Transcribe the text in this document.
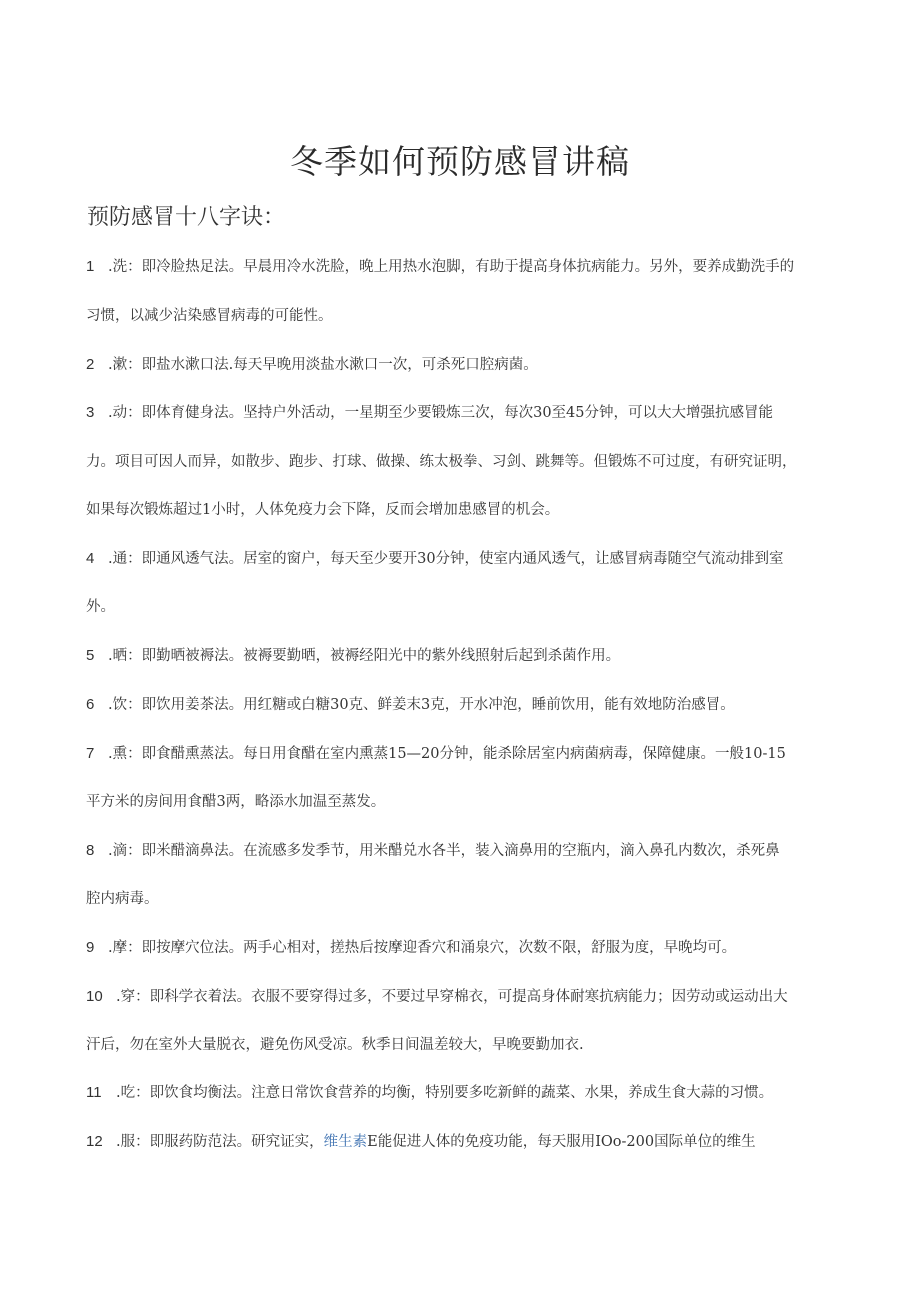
冬季如何预防感冒讲稿
预防感冒十八字诀：
1 .洗：即冷脸热足法。早晨用冷水洗脸，晚上用热水泡脚，有助于提高身体抗病能力。另外，要养成勤洗手的
习惯，以减少沾染感冒病毒的可能性。
2 .漱：即盐水漱口法.每天早晚用淡盐水漱口一次，可杀死口腔病菌。
3 .动：即体育健身法。坚持户外活动，一星期至少要锻炼三次，每次30至45分钟，可以大大增强抗感冒能
力。项目可因人而异，如散步、跑步、打球、做操、练太极拳、习剑、跳舞等。但锻炼不可过度，有研究证明，
如果每次锻炼超过1小时，人体免疫力会下降，反而会增加患感冒的机会。
4 .通：即通风透气法。居室的窗户，每天至少要开30分钟，使室内通风透气，让感冒病毒随空气流动排到室
外。
5 .晒：即勤晒被褥法。被褥要勤晒，被褥经阳光中的紫外线照射后起到杀菌作用。
6 .饮：即饮用姜茶法。用红糖或白糖30克、鲜姜末3克，开水冲泡，睡前饮用，能有效地防治感冒。
7 .熏：即食醋熏蒸法。每日用食醋在室内熏蒸15—20分钟，能杀除居室内病菌病毒，保障健康。一般10-15
平方米的房间用食醋3两，略添水加温至蒸发。
8 .滴：即米醋滴鼻法。在流感多发季节，用米醋兑水各半，装入滴鼻用的空瓶内，滴入鼻孔内数次，杀死鼻
腔内病毒。
9 .摩：即按摩穴位法。两手心相对，搓热后按摩迎香穴和涌泉穴，次数不限，舒服为度，早晚均可。
10 .穿：即科学衣着法。衣服不要穿得过多，不要过早穿棉衣，可提高身体耐寒抗病能力；因劳动或运动出大
汗后，勿在室外大量脱衣，避免伤风受凉。秋季日间温差较大，早晚要勤加衣.
11 .吃：即饮食均衡法。注意日常饮食营养的均衡，特别要多吃新鲜的蔬菜、水果，养成生食大蒜的习惯。
12 .服：即服药防范法。研究证实，维生素E能促进人体的免疫功能，每天服用IOo-200国际单位的维生
